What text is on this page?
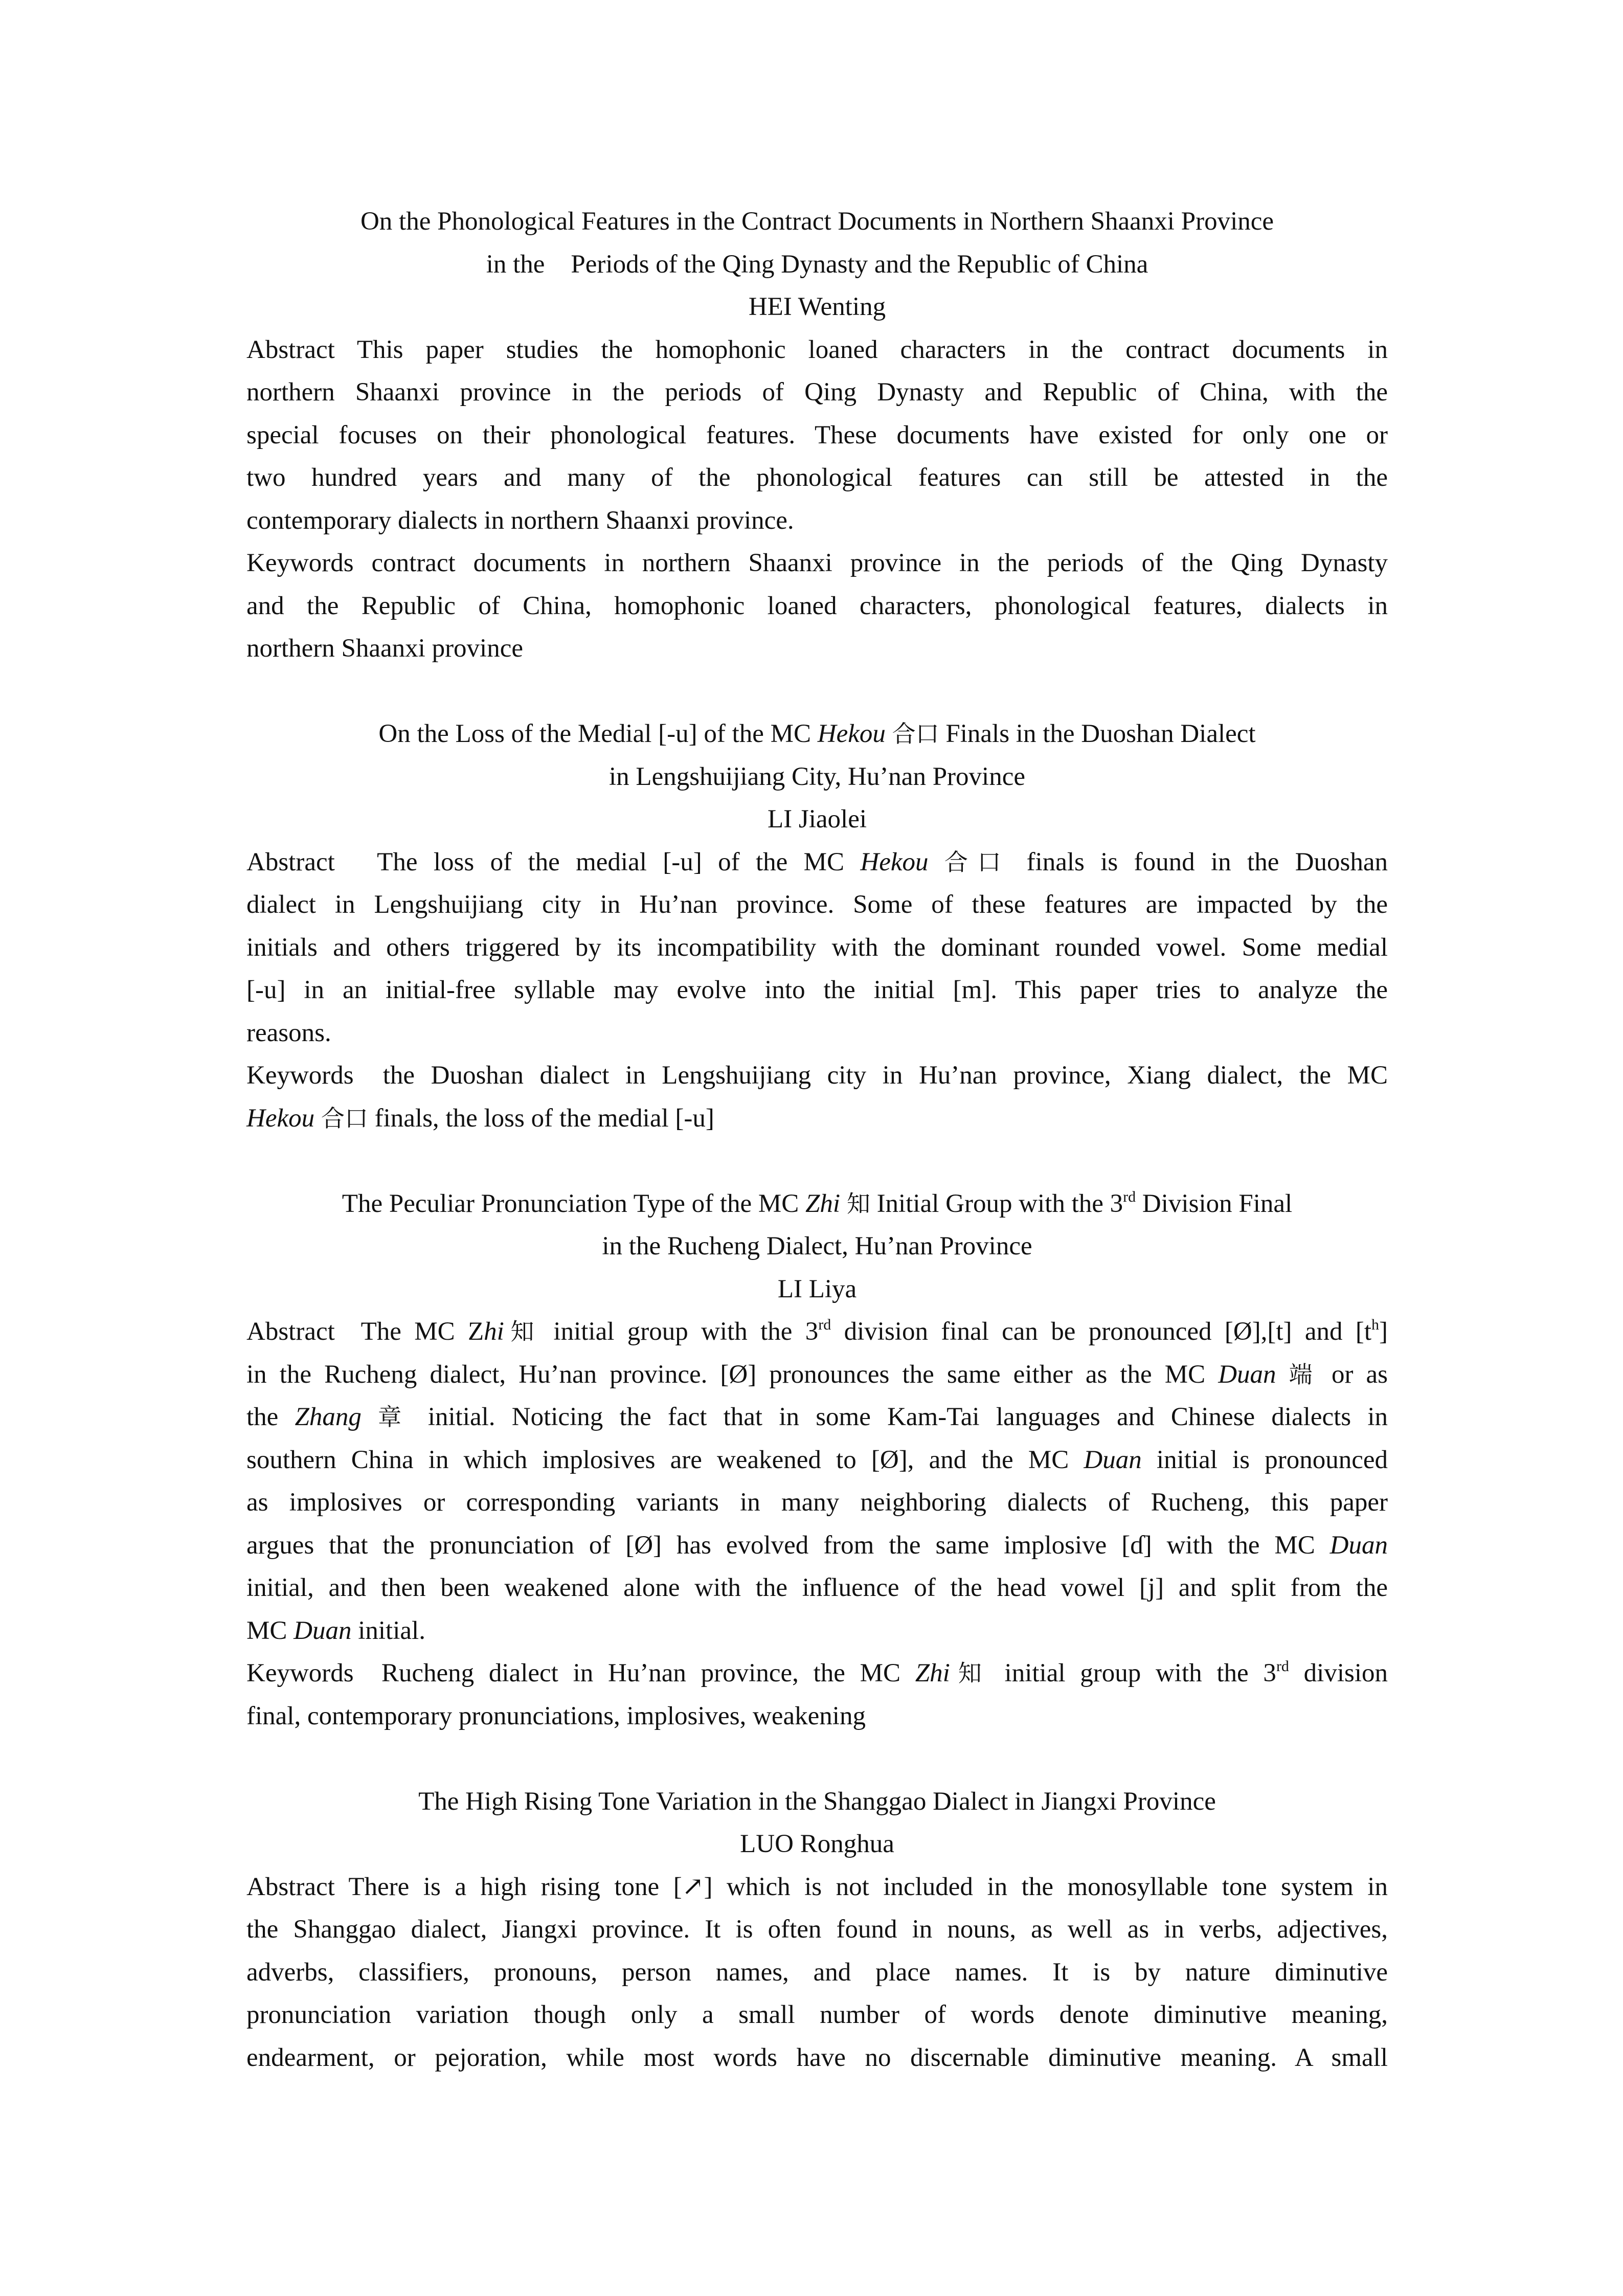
On the Phonological Features in the Contract Documents in Northern Shaanxi Province
in the Periods of the Qing Dynasty and the Republic of China
HEI Wenting
Abstract This paper studies the homophonic loaned characters in the contract documents in
northern Shaanxi province in the periods of Qing Dynasty and Republic of China, with the
special focuses on their phonological features. These documents have existed for only one or
two hundred years and many of the phonological features can still be attested in the
contemporary dialects in northern Shaanxi province.
Keywords contract documents in northern Shaanxi province in the periods of the Qing Dynasty
and the Republic of China, homophonic loaned characters, phonological features, dialects in
northern Shaanxi province
On the Loss of the Medial [-u] of the MC Hekou 合口 Finals in the Duoshan Dialect
in Lengshuijiang City, Hu’nan Province
LI Jiaolei
Abstract  The loss of the medial [-u] of the MC Hekou 合口 finals is found in the Duoshan
dialect in Lengshuijiang city in Hu’nan province. Some of these features are impacted by the
initials and others triggered by its incompatibility with the dominant rounded vowel. Some medial
[-u] in an initial-free syllable may evolve into the initial [m]. This paper tries to analyze the
reasons.
Keywords  the Duoshan dialect in Lengshuijiang city in Hu’nan province, Xiang dialect, the MC
Hekou 合口 finals, the loss of the medial [-u]
The Peculiar Pronunciation Type of the MC Zhi 知 Initial Group with the 3rd Division Final
in the Rucheng Dialect, Hu’nan Province
LI Liya
Abstract  The MC Zhi知 initial group with the 3rd division final can be pronounced [Ø],[t] and $[t^h]$
in the Rucheng dialect, Hu’nan province. [Ø] pronounces the same either as the MC Duan 端 or as
the Zhang 章 initial. Noticing the fact that in some Kam-Tai languages and Chinese dialects in
southern China in which implosives are weakened to [Ø], and the MC Duan initial is pronounced
as implosives or corresponding variants in many neighboring dialects of Rucheng, this paper
argues that the pronunciation of [Ø] has evolved from the same implosive [ɗ] with the MC Duan
initial, and then been weakened alone with the influence of the head vowel [j] and split from the
MC Duan initial.
Keywords  Rucheng dialect in Hu’nan province, the MC Zhi知 initial group with the 3rd division
final, contemporary pronunciations, implosives, weakening
The High Rising Tone Variation in the Shanggao Dialect in Jiangxi Province
LUO Ronghua
Abstract There is a high rising tone [↗] which is not included in the monosyllable tone system in
the Shanggao dialect, Jiangxi province. It is often found in nouns, as well as in verbs, adjectives,
adverbs, classifiers, pronouns, person names, and place names. It is by nature diminutive
pronunciation variation though only a small number of words denote diminutive meaning,
endearment, or pejoration, while most words have no discernable diminutive meaning. A small
